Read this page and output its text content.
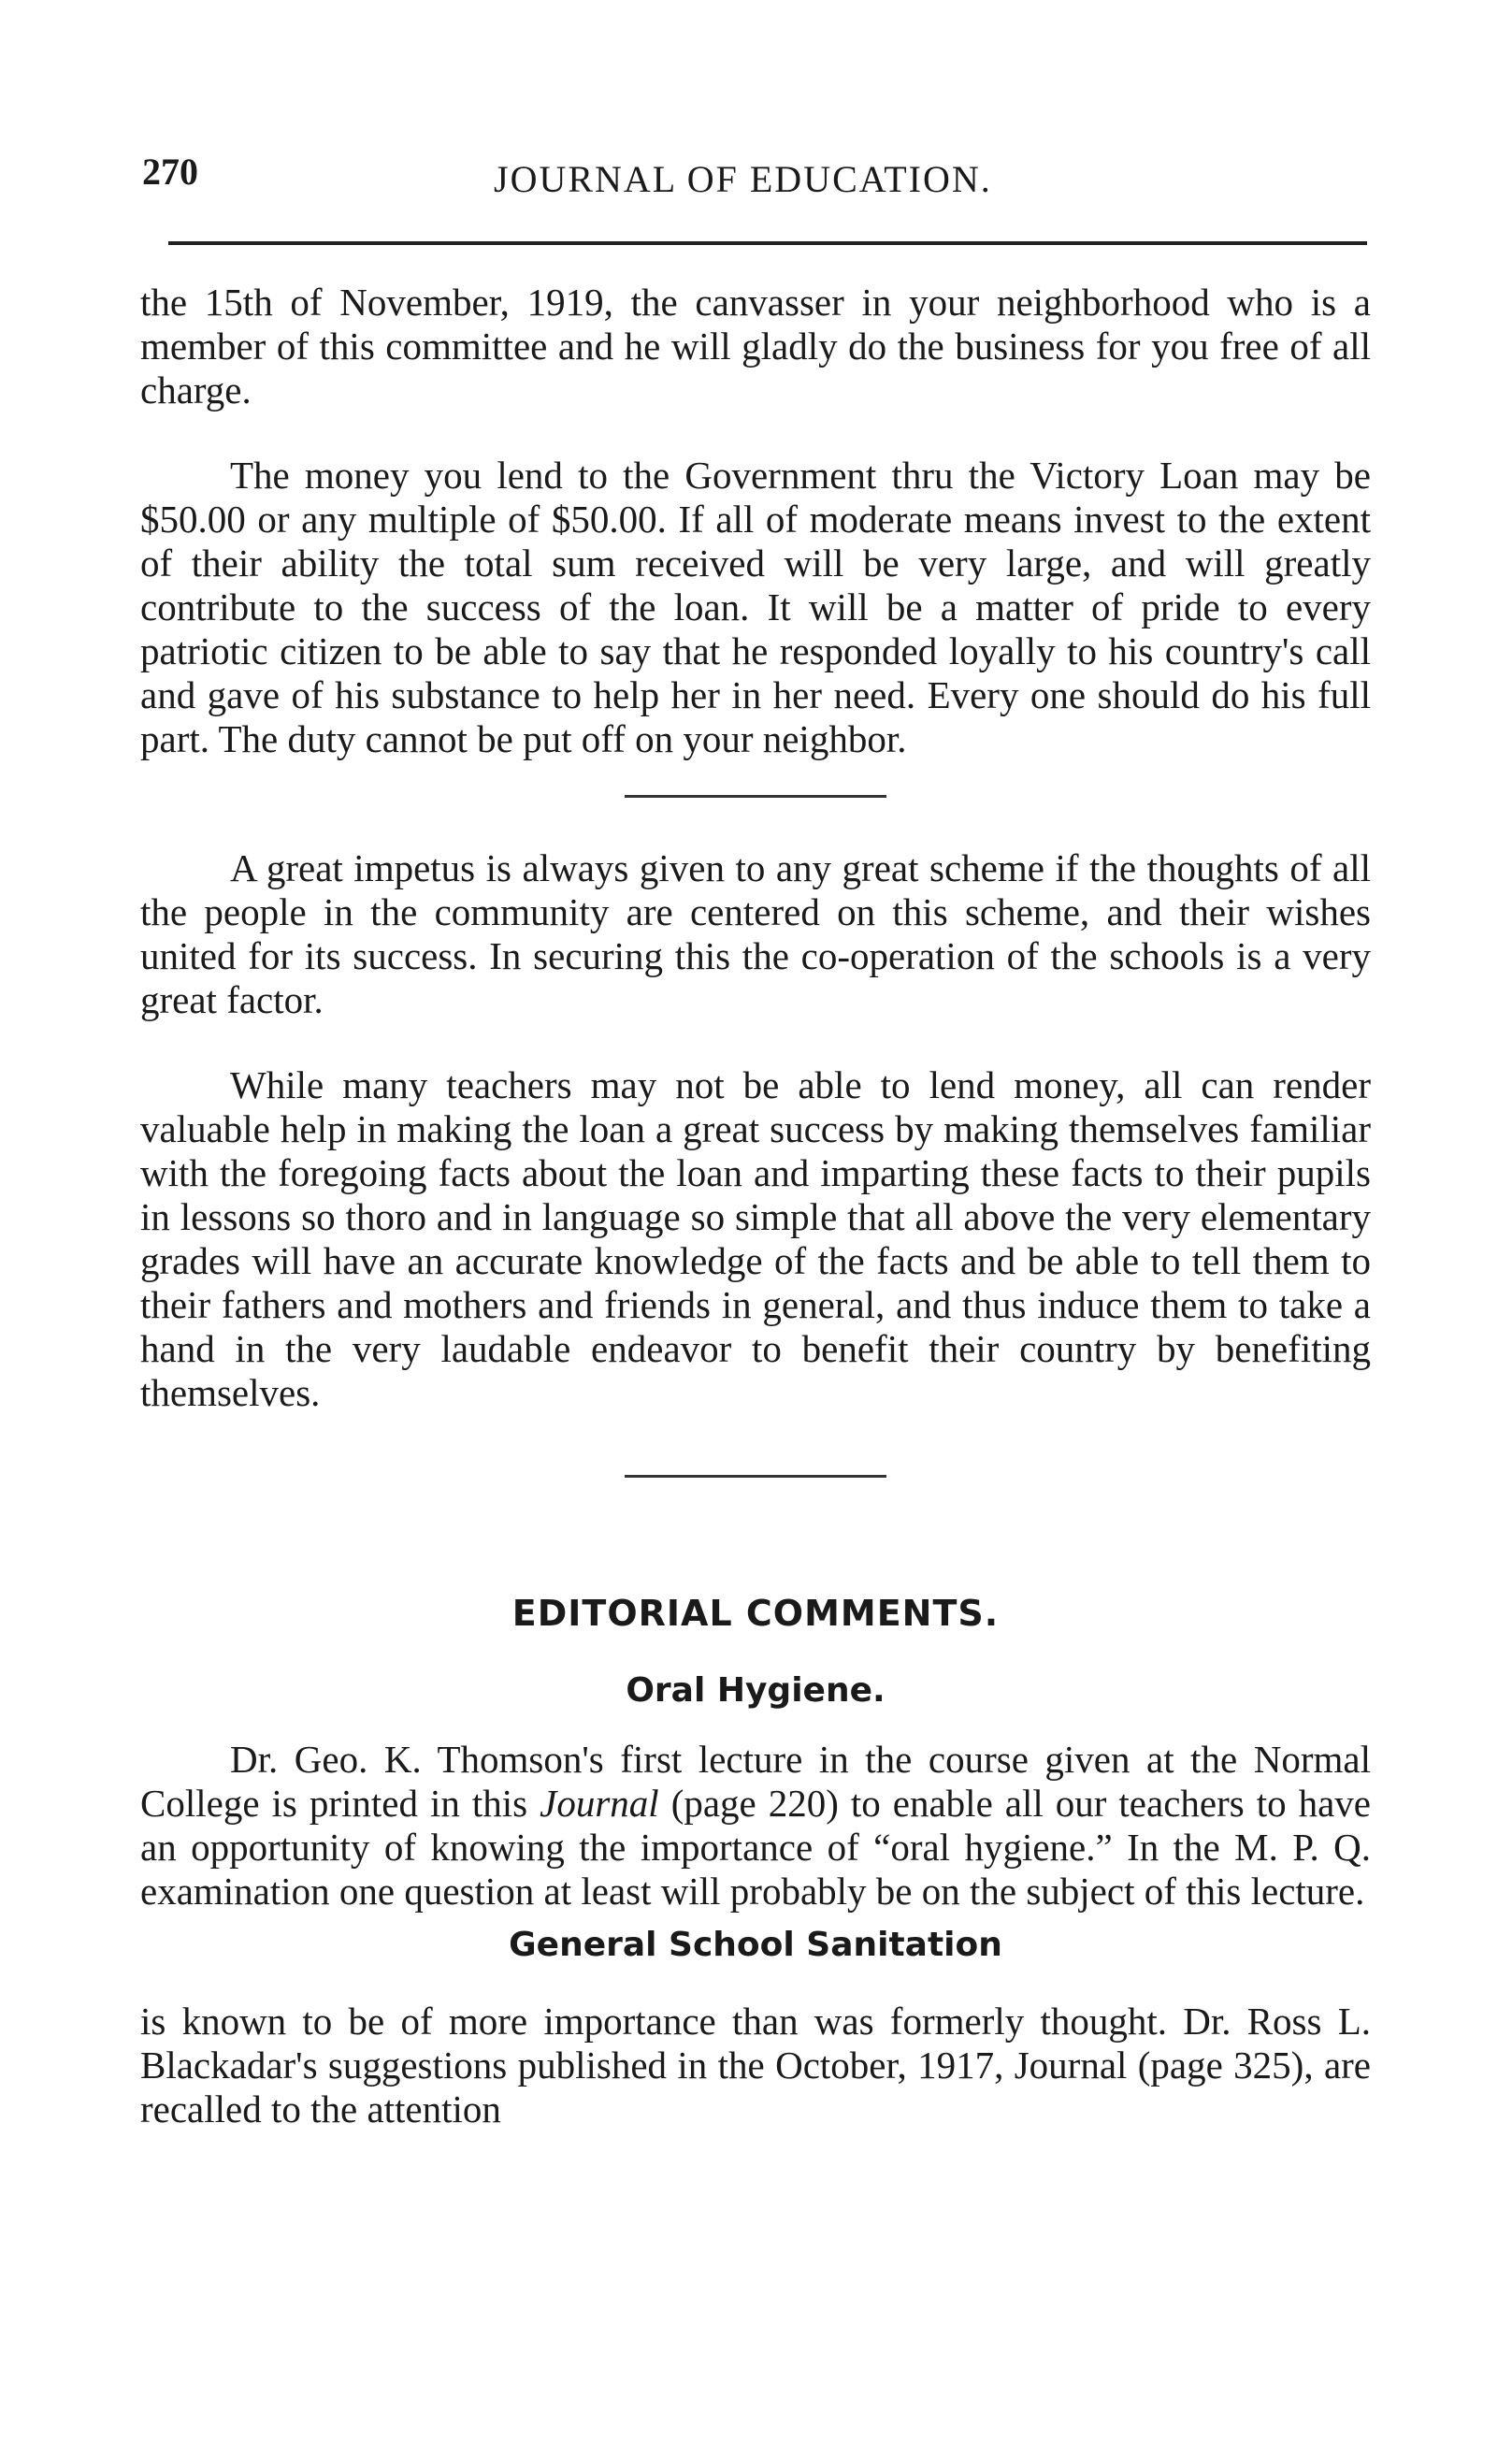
270	JOURNAL OF EDUCATION.

the 15th of November, 1919, the canvasser in your neighborhood who is a member of this committee and he will gladly do the business for you free of all charge.

The money you lend to the Government thru the Victory Loan may be $50.00 or any multiple of $50.00. If all of moderate means invest to the extent of their ability the total sum received will be very large, and will greatly contribute to the success of the loan. It will be a matter of pride to every patriotic citizen to be able to say that he responded loyally to his country's call and gave of his substance to help her in her need. Every one should do his full part. The duty cannot be put off on your neighbor.

A great impetus is always given to any great scheme if the thoughts of all the people in the community are centered on this scheme, and their wishes united for its success. In securing this the co-operation of the schools is a very great factor.

While many teachers may not be able to lend money, all can render valuable help in making the loan a great success by making themselves familiar with the foregoing facts about the loan and imparting these facts to their pupils in lessons so thoro and in language so simple that all above the very elementary grades will have an accurate knowledge of the facts and be able to tell them to their fathers and mothers and friends in general, and thus induce them to take a hand in the very laudable endeavor to benefit their country by benefiting themselves.

EDITORIAL COMMENTS.
Oral Hygiene.

Dr. Geo. K. Thomson's first lecture in the course given at the Normal College is printed in this Journal (page 220) to enable all our teachers to have an opportunity of knowing the importance of “oral hygiene.” In the M. P. Q. examination one question at least will probably be on the subject of this lecture.

General School Sanitation

is known to be of more importance than was formerly thought. Dr. Ross L. Blackadar's suggestions published in the October, 1917, Journal (page 325), are recalled to the attention
